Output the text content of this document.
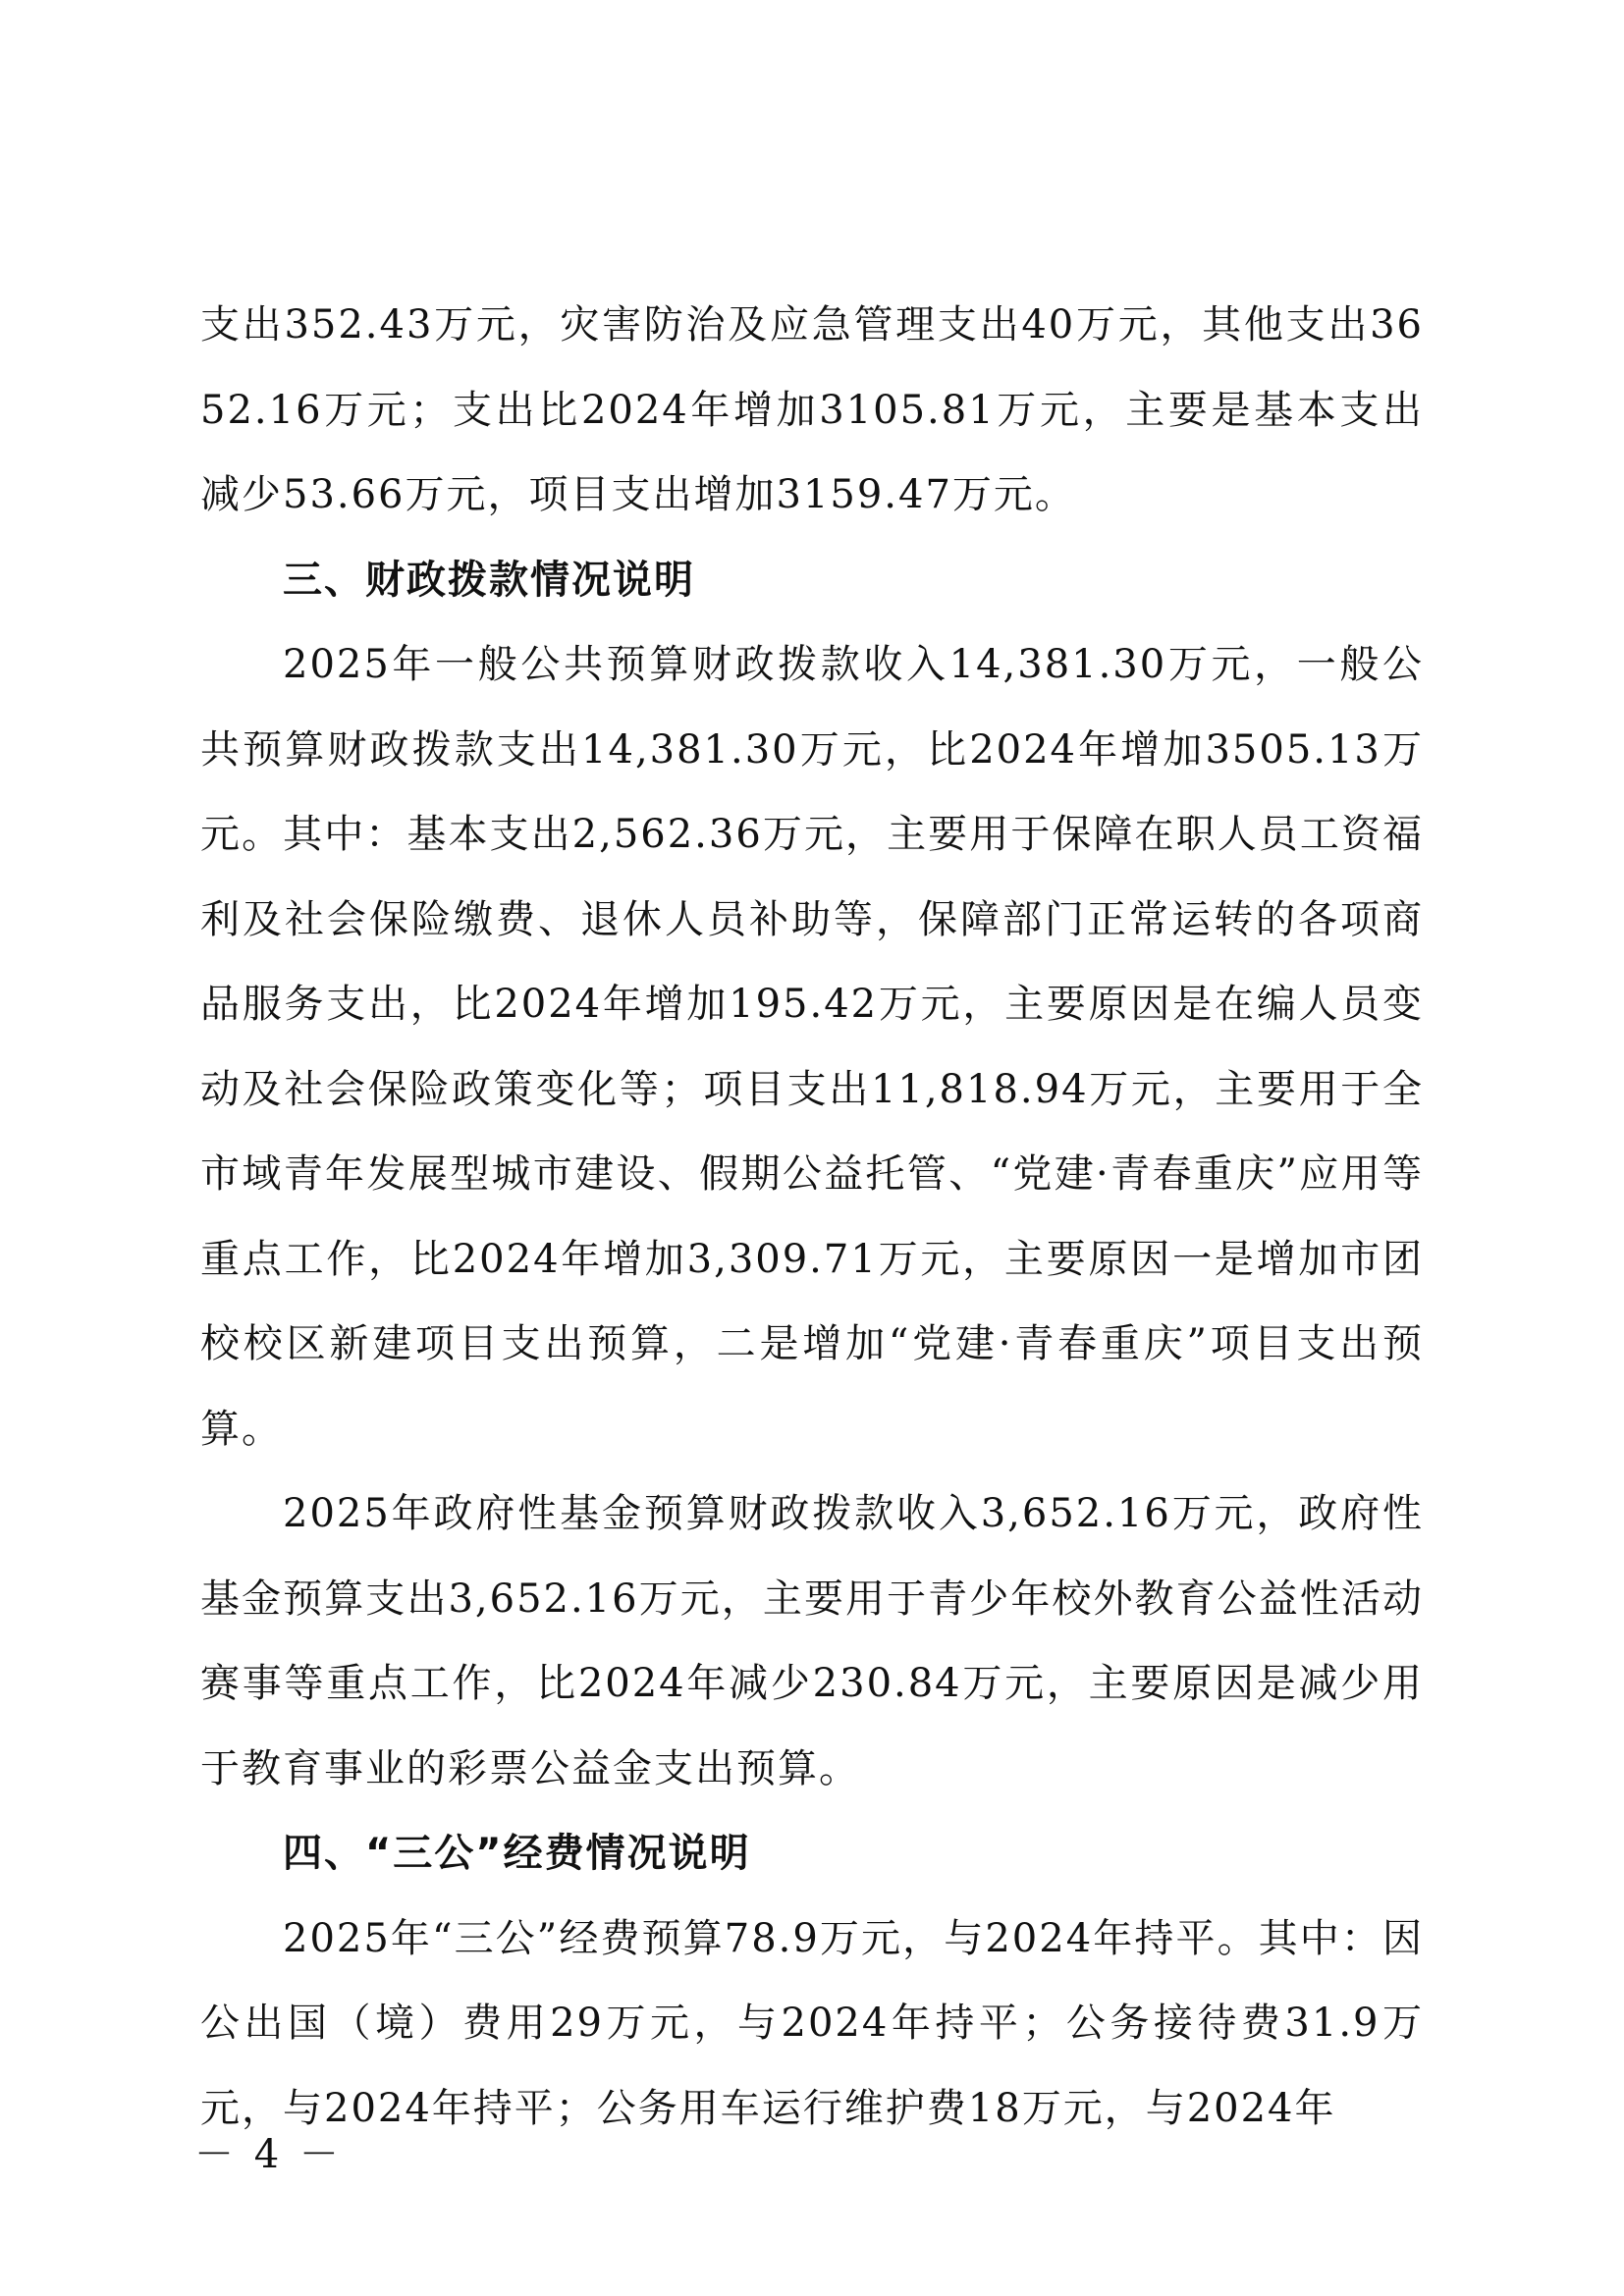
支出352.43万元，灾害防治及应急管理支出40万元，其他支出3652.16万元；支出比2024年增加3105.81万元，主要是基本支出减少53.66万元，项目支出增加3159.47万元。

三、财政拨款情况说明

2025年一般公共预算财政拨款收入14,381.30万元，一般公共预算财政拨款支出14,381.30万元，比2024年增加3505.13万元。其中：基本支出2,562.36万元，主要用于保障在职人员工资福利及社会保险缴费、退休人员补助等，保障部门正常运转的各项商品服务支出，比2024年增加195.42万元，主要原因是在编人员变动及社会保险政策变化等；项目支出11,818.94万元，主要用于全市域青年发展型城市建设、假期公益托管、“党建·青春重庆”应用等重点工作，比2024年增加3,309.71万元，主要原因一是增加市团校校区新建项目支出预算，二是增加“党建·青春重庆”项目支出预算。

2025年政府性基金预算财政拨款收入3,652.16万元，政府性基金预算支出3,652.16万元，主要用于青少年校外教育公益性活动赛事等重点工作，比2024年减少230.84万元，主要原因是减少用于教育事业的彩票公益金支出预算。

四、“三公”经费情况说明

2025年“三公”经费预算78.9万元，与2024年持平。其中：因公出国（境）费用29万元，与2024年持平；公务接待费31.9万元，与2024年持平；公务用车运行维护费18万元，与2024年

－ 4 －
